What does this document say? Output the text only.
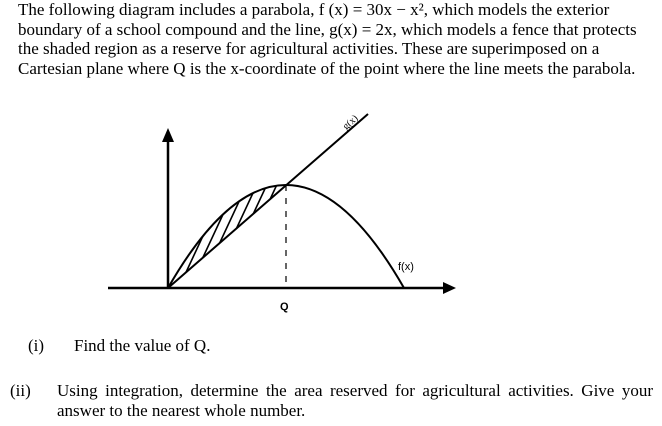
The following diagram includes a parabola, f (x) = 30x − x², which models the exterior

boundary of a school compound and the line, g(x) = 2x, which models a fence that protects

the shaded region as a reserve for agricultural activities. These are superimposed on a

Cartesian plane where Q is the x-coordinate of the point where the line meets the parabola.

g(x)
f(x)
Q
(i) Find the value of Q.
(ii) Using integration, determine the area reserved for agricultural activities. Give your answer to the nearest whole number.
